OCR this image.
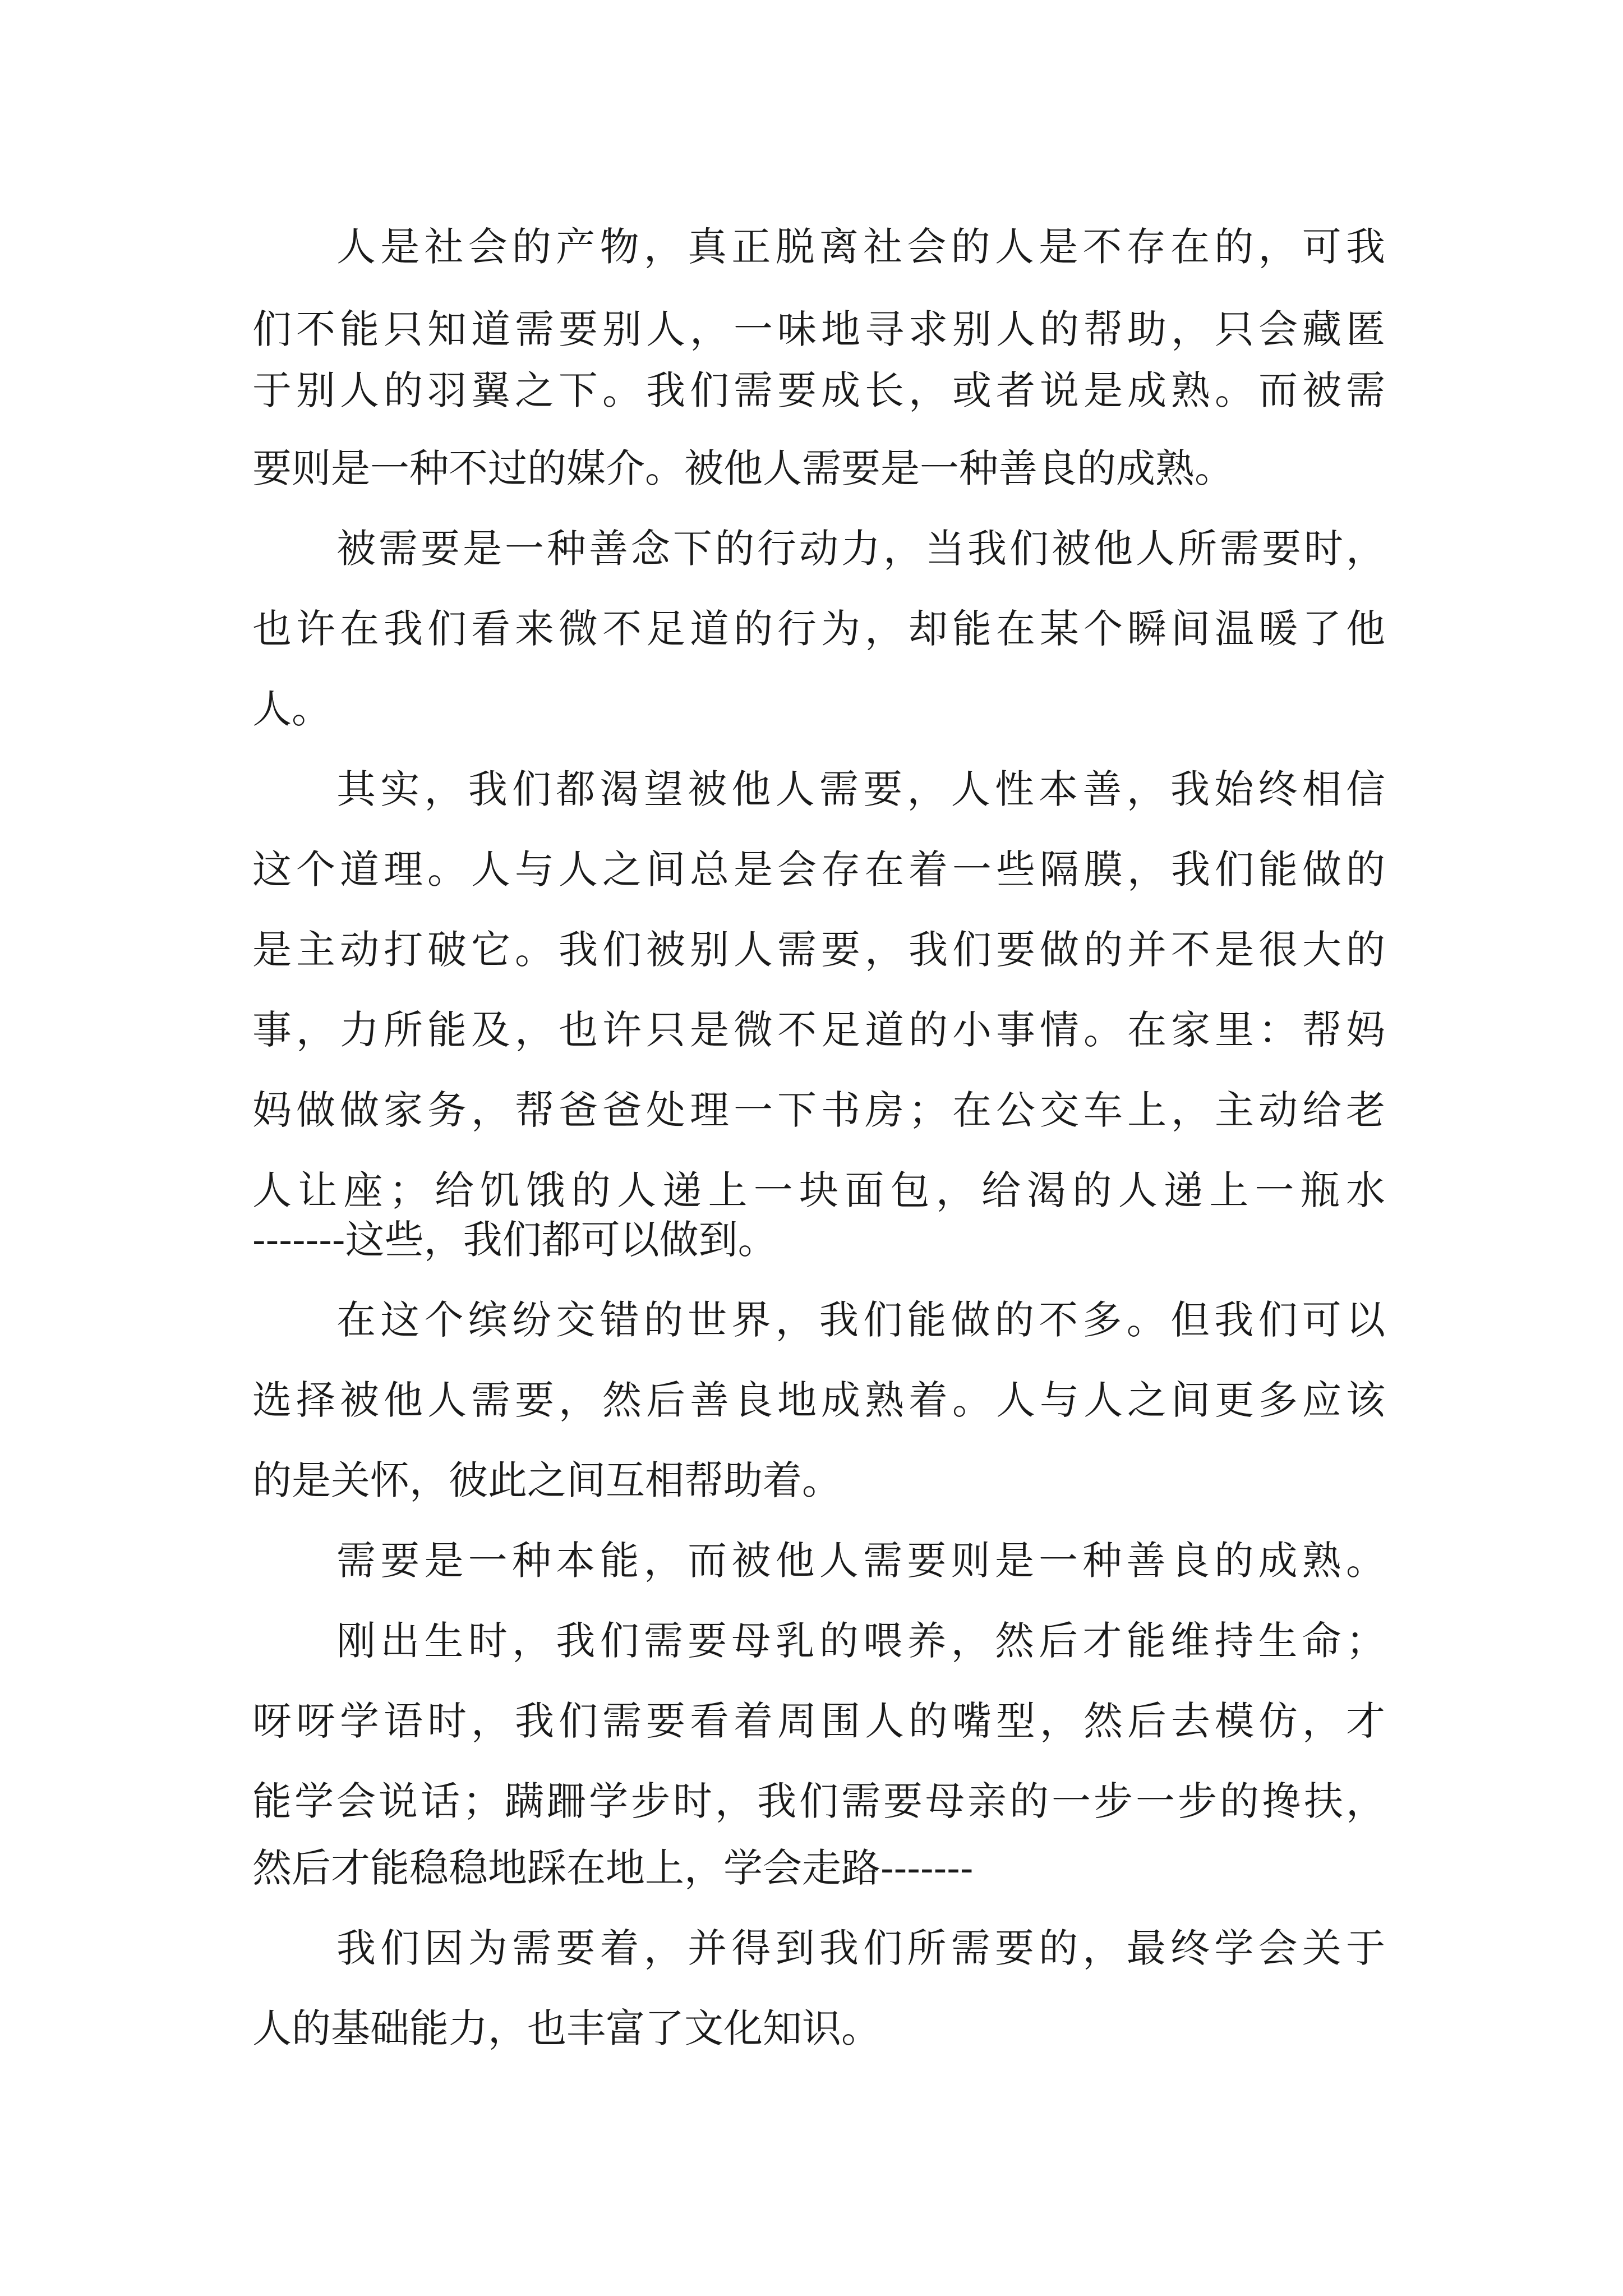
人是社会的产物，真正脱离社会的人是不存在的，可我
们不能只知道需要别人，一味地寻求别人的帮助，只会藏匿
于别人的羽翼之下。我们需要成长，或者说是成熟。而被需
要则是一种不过的媒介。被他人需要是一种善良的成熟。
被需要是一种善念下的行动力，当我们被他人所需要时，
也许在我们看来微不足道的行为，却能在某个瞬间温暖了他
人。
其实，我们都渴望被他人需要，人性本善，我始终相信
这个道理。人与人之间总是会存在着一些隔膜，我们能做的
是主动打破它。我们被别人需要，我们要做的并不是很大的
事，力所能及，也许只是微不足道的小事情。在家里：帮妈
妈做做家务，帮爸爸处理一下书房；在公交车上，主动给老
人让座；给饥饿的人递上一块面包，给渴的人递上一瓶水
-------这些，我们都可以做到。
在这个缤纷交错的世界，我们能做的不多。但我们可以
选择被他人需要，然后善良地成熟着。人与人之间更多应该
的是关怀，彼此之间互相帮助着。
需要是一种本能，而被他人需要则是一种善良的成熟。
刚出生时，我们需要母乳的喂养，然后才能维持生命；
呀呀学语时，我们需要看着周围人的嘴型，然后去模仿，才
能学会说话；蹒跚学步时，我们需要母亲的一步一步的搀扶，
然后才能稳稳地踩在地上，学会走路-------
我们因为需要着，并得到我们所需要的，最终学会关于
人的基础能力，也丰富了文化知识。
